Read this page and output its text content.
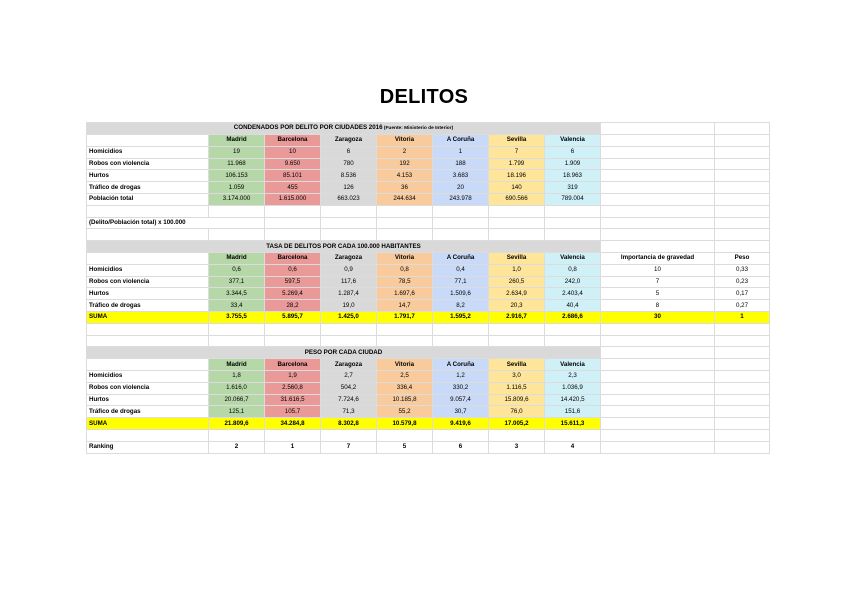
DELITOS
CONDENADOS POR DELITO POR CIUDADES 2016 (Fuente: Ministerio de Interior)									
	Madrid	Barcelona	Zaragoza	Vitoria	A Coruña	Sevilla	Valencia		
Homicidios	19	10	6	2	1	7	6		
Robos con violencia	11.968	9.650	780	192	188	1.799	1.909		
Hurtos	106.153	85.101	8.536	4.153	3.683	18.196	18.963		
Tráfico de drogas	1.059	455	126	36	20	140	319		
Población total	3.174.000	1.615.000	663.023	244.634	243.978	690.566	789.004		

(Delito/Población total) x 100.000									

TASA DE DELITOS POR CADA 100.000 HABITANTES									
	Madrid	Barcelona	Zaragoza	Vitoria	A Coruña	Sevilla	Valencia	Importancia de gravedad	Peso
Homicidios	0,6	0,6	0,9	0,8	0,4	1,0	0,8	10	0,33
Robos con violencia	377,1	597,5	117,6	78,5	77,1	260,5	242,0	7	0,23
Hurtos	3.344,5	5.269,4	1.287,4	1.697,6	1.509,6	2.634,9	2.403,4	5	0,17
Tráfico de drogas	33,4	28,2	19,0	14,7	8,2	20,3	40,4	8	0,27
SUMA	3.755,5	5.895,7	1.425,0	1.791,7	1.595,2	2.916,7	2.686,6	30	1

PESO POR CADA CIUDAD									
	Madrid	Barcelona	Zaragoza	Vitoria	A Coruña	Sevilla	Valencia		
Homicidios	1,8	1,9	2,7	2,5	1,2	3,0	2,3		
Robos con violencia	1.616,0	2.560,8	504,2	336,4	330,2	1.116,5	1.036,9		
Hurtos	20.066,7	31.616,5	7.724,6	10.185,8	9.057,4	15.809,6	14.420,5		
Tráfico de drogas	125,1	105,7	71,3	55,2	30,7	76,0	151,6		
SUMA	21.809,6	34.284,8	8.302,8	10.579,8	9.419,6	17.005,2	15.611,3		

Ranking	2	1	7	5	6	3	4		
